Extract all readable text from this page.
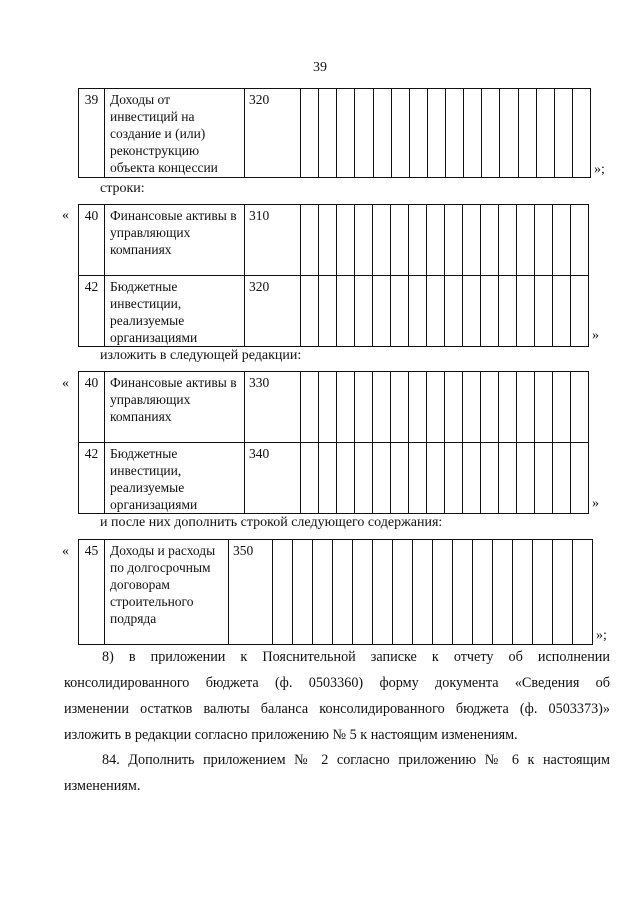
39
39	Доходы от инвестиций на создание и (или) реконструкцию объекта концессии	320																
»;
строки:
« 40	Финансовые активы в управляющих компаниях	310																
42	Бюджетные инвестиции, реализуемые организациями	320																
»
изложить в следующей редакции:
« 40	Финансовые активы в управляющих компаниях	330																
42	Бюджетные инвестиции, реализуемые организациями	340																
»
и после них дополнить строкой следующего содержания:
« 45	Доходы и расходы по долгосрочным договорам строительного подряда	350																
»;
8) в приложении к Пояснительной записке к отчету об исполнении
консолидированного бюджета (ф. 0503360) форму документа «Сведения об
изменении остатков валюты баланса консолидированного бюджета (ф. 0503373)»
изложить в редакции согласно приложению № 5 к настоящим изменениям.
84. Дополнить приложением № 2 согласно приложению № 6 к настоящим
изменениям.
